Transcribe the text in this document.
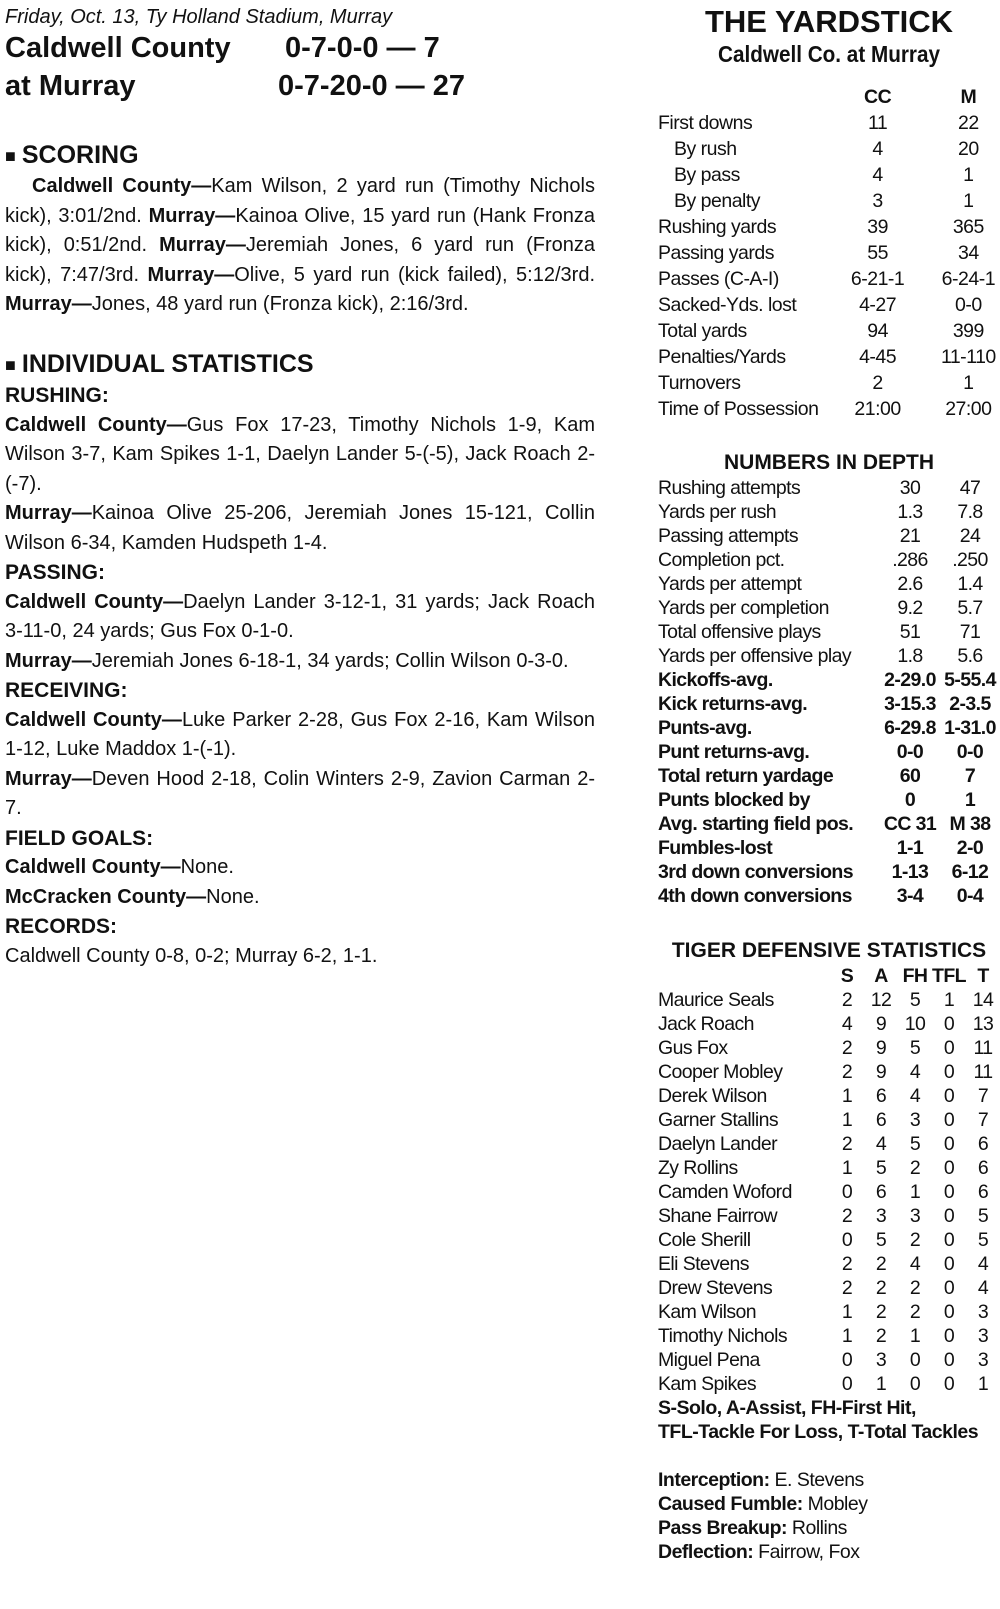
Friday, Oct. 13, Ty Holland Stadium, Murray
Caldwell County 0-7-0-0 — 7
at Murray	0-7-20-0 — 27
■ SCORING

Caldwell County—Kam Wilson, 2 yard run (Timothy Nichols kick), 3:01/2nd. Murray—Kainoa Olive, 15 yard run (Hank Fronza kick), 0:51/2nd. Murray—Jeremiah Jones, 6 yard run (Fronza kick), 7:47/3rd. Murray—Olive, 5 yard run (kick failed), 5:12/3rd. Murray—Jones, 48 yard run (Fronza kick), 2:16/3rd.

■ INDIVIDUAL STATISTICS
RUSHING:

Caldwell County—Gus Fox 17-23, Timothy Nichols 1-9, Kam Wilson 3-7, Kam Spikes 1-1, Daelyn Lander 5-(-5), Jack Roach 2-(-7).

Murray—Kainoa Olive 25-206, Jeremiah Jones 15-121, Collin Wilson 6-34, Kamden Hudspeth 1-4.

PASSING:

Caldwell County—Daelyn Lander 3-12-1, 31 yards; Jack Roach 3-11-0, 24 yards; Gus Fox 0-1-0.

Murray—Jeremiah Jones 6-18-1, 34 yards; Collin Wilson 0-3-0.

RECEIVING:

Caldwell County—Luke Parker 2-28, Gus Fox 2-16, Kam Wilson 1-12, Luke Maddox 1-(-1).

Murray—Deven Hood 2-18, Colin Winters 2-9, Zavion Carman 2-7.

FIELD GOALS:

Caldwell County—None.

McCracken County—None.

RECORDS:

Caldwell County 0-8, 0-2; Murray 6-2, 1-1.

THE YARDSTICK
Caldwell Co. at Murray
	CC	M
First downs	11	22
By rush	4	20
By pass	4	1
By penalty	3	1
Rushing yards	39	365
Passing yards	55	34
Passes (C-A-I)	6-21-1	6-24-1
Sacked-Yds. lost	4-27	0-0
Total yards	94	399
Penalties/Yards	4-45	11-110
Turnovers	2	1
Time of Possession	21:00	27:00
NUMBERS IN DEPTH
Rushing attempts	30	47
Yards per rush	1.3	7.8
Passing attempts	21	24
Completion pct.	.286	.250
Yards per attempt	2.6	1.4
Yards per completion	9.2	5.7
Total offensive plays	51	71
Yards per offensive play	1.8	5.6
Kickoffs-avg.	2-29.0	5-55.4
Kick returns-avg.	3-15.3	2-3.5
Punts-avg.	6-29.8	1-31.0
Punt returns-avg.	0-0	0-0
Total return yardage	60	7
Punts blocked by	0	1
Avg. starting field pos.	CC 31	M 38
Fumbles-lost	1-1	2-0
3rd down conversions	1-13	6-12
4th down conversions	3-4	0-4
TIGER DEFENSIVE STATISTICS
	S	A	FH	TFL	T
Maurice Seals	2	12	5	1	14
Jack Roach	4	9	10	0	13
Gus Fox	2	9	5	0	11
Cooper Mobley	2	9	4	0	11
Derek Wilson	1	6	4	0	7
Garner Stallins	1	6	3	0	7
Daelyn Lander	2	4	5	0	6
Zy Rollins	1	5	2	0	6
Camden Woford	0	6	1	0	6
Shane Fairrow	2	3	3	0	5
Cole Sherill	0	5	2	0	5
Eli Stevens	2	2	4	0	4
Drew Stevens	2	2	2	0	4
Kam Wilson	1	2	2	0	3
Timothy Nichols	1	2	1	0	3
Miguel Pena	0	3	0	0	3
Kam Spikes	0	1	0	0	1
S-Solo, A-Assist, FH-First Hit,
TFL-Tackle For Loss, T-Total Tackles
Interception: E. Stevens
Caused Fumble: Mobley
Pass Breakup: Rollins
Deflection: Fairrow, Fox
